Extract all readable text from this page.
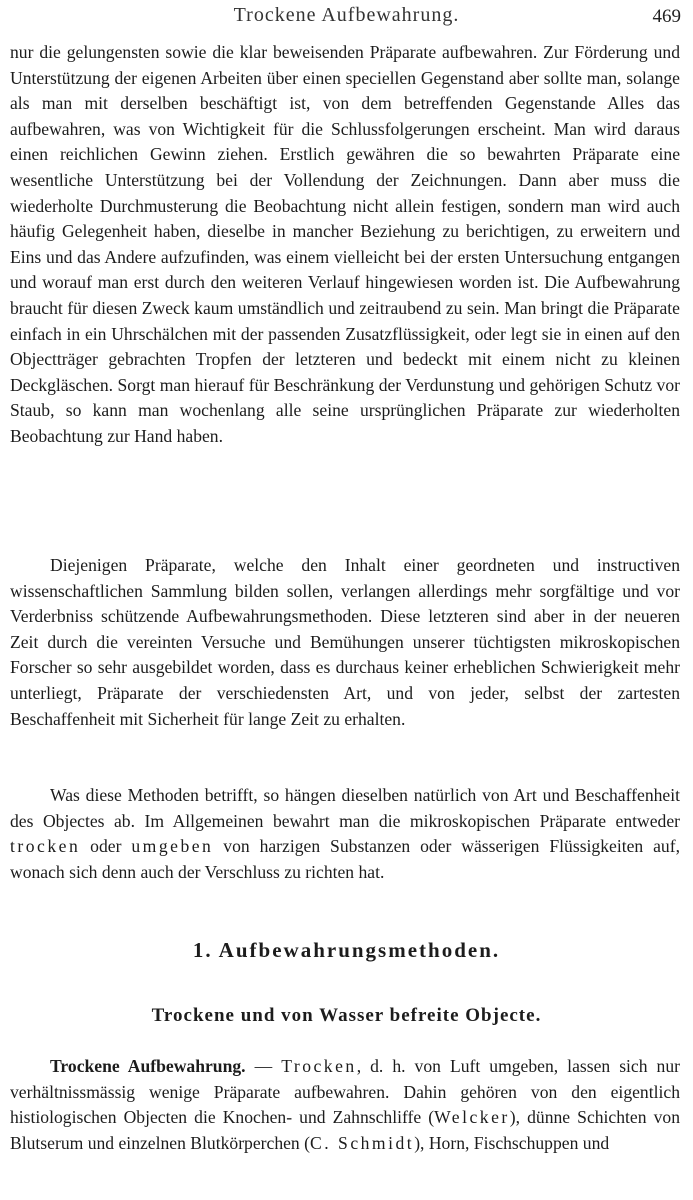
Trockene Aufbewahrung.	469

nur die gelungensten sowie die klar beweisenden Präparate aufbewahren. Zur Förderung und Unterstützung der eigenen Arbeiten über einen speciellen Gegenstand aber sollte man, solange als man mit derselben beschäftigt ist, von dem betreffenden Gegenstande Alles das aufbewahren, was von Wichtigkeit für die Schlussfolgerungen erscheint. Man wird daraus einen reichlichen Gewinn ziehen. Erstlich gewähren die so bewahrten Präparate eine wesentliche Unterstützung bei der Vollendung der Zeichnungen. Dann aber muss die wiederholte Durchmusterung die Beobachtung nicht allein festigen, sondern man wird auch häufig Gelegenheit haben, dieselbe in mancher Beziehung zu berichtigen, zu erweitern und Eins und das Andere aufzufinden, was einem vielleicht bei der ersten Untersuchung entgangen und worauf man erst durch den weiteren Verlauf hingewiesen worden ist. Die Aufbewahrung braucht für diesen Zweck kaum umständlich und zeitraubend zu sein. Man bringt die Präparate einfach in ein Uhrschälchen mit der passenden Zusatzflüssigkeit, oder legt sie in einen auf den Objectträger gebrachten Tropfen der letzteren und bedeckt mit einem nicht zu kleinen Deckgläschen. Sorgt man hierauf für Beschränkung der Verdunstung und gehörigen Schutz vor Staub, so kann man wochenlang alle seine ursprünglichen Präparate zur wiederholten Beobachtung zur Hand haben.

Diejenigen Präparate, welche den Inhalt einer geordneten und instructiven wissenschaftlichen Sammlung bilden sollen, verlangen allerdings mehr sorgfältige und vor Verderbniss schützende Aufbewahrungsmethoden. Diese letzteren sind aber in der neueren Zeit durch die vereinten Versuche und Bemühungen unserer tüchtigsten mikroskopischen Forscher so sehr ausgebildet worden, dass es durchaus keiner erheblichen Schwierigkeit mehr unterliegt, Präparate der verschiedensten Art, und von jeder, selbst der zartesten Beschaffenheit mit Sicherheit für lange Zeit zu erhalten.

Was diese Methoden betrifft, so hängen dieselben natürlich von Art und Beschaffenheit des Objectes ab. Im Allgemeinen bewahrt man die mikroskopischen Präparate entweder trocken oder umgeben von harzigen Substanzen oder wässerigen Flüssigkeiten auf, wonach sich denn auch der Verschluss zu richten hat.

1. Aufbewahrungsmethoden.
Trockene und von Wasser befreite Objecte.

Trockene Aufbewahrung. — Trocken, d. h. von Luft umgeben, lassen sich nur verhältnissmässig wenige Präparate aufbewahren. Dahin gehören von den eigentlich histiologischen Objecten die Knochen- und Zahnschliffe (Welcker), dünne Schichten von Blutserum und einzelnen Blutkörperchen (C. Schmidt), Horn, Fischschuppen und
